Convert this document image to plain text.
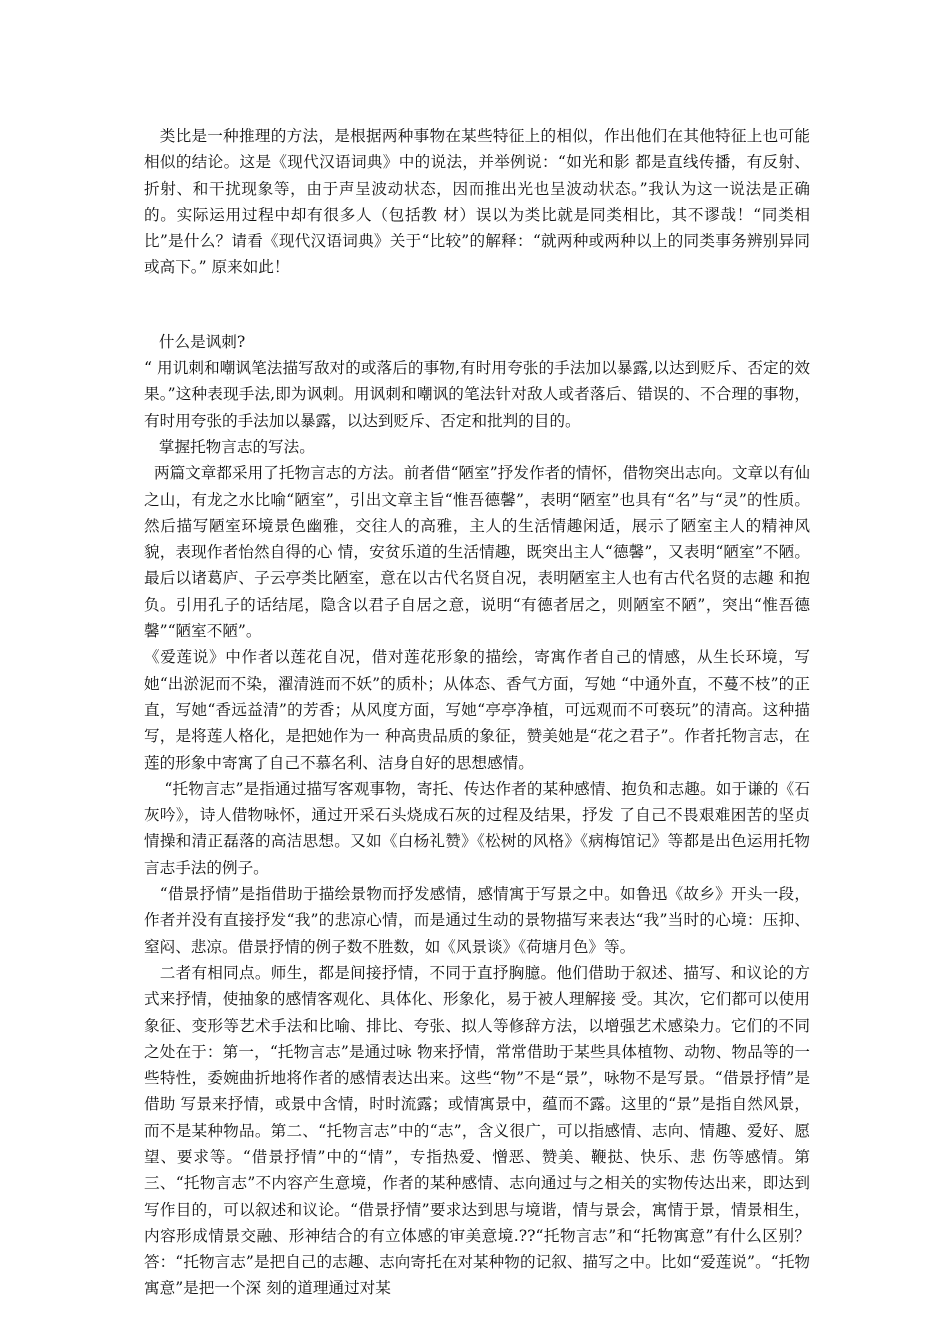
类比是一种推理的方法，是根据两种事物在某些特征上的相似，作出他们在其他特征上也可能相似的结论。这是《现代汉语词典》中的说法，并举例说：“如光和影 都是直线传播，有反射、折射、和干扰现象等，由于声呈波动状态，因而推出光也呈波动状态。”我认为这一说法是正确的。实际运用过程中却有很多人（包括教 材）误以为类比就是同类相比，其不谬哉！“同类相比”是什么？请看《现代汉语词典》关于“比较”的解释：“就两种或两种以上的同类事务辨别异同或高下。” 原来如此！

什么是讽刺?

“ 用讥刺和嘲讽笔法描写敌对的或落后的事物,有时用夸张的手法加以暴露,以达到贬斥、否定的效果。”这种表现手法,即为讽刺。用讽刺和嘲讽的笔法针对敌人或者落后、错误的、不合理的事物，有时用夸张的手法加以暴露，以达到贬斥、否定和批判的目的。

掌握托物言志的写法。

两篇文章都采用了托物言志的方法。前者借“陋室”抒发作者的情怀，借物突出志向。文章以有仙之山，有龙之水比喻“陋室”，引出文章主旨“惟吾德馨”，表明“陋室”也具有“名”与“灵”的性质。然后描写陋室环境景色幽雅，交往人的高雅，主人的生活情趣闲适，展示了陋室主人的精神风貌，表现作者怡然自得的心 情，安贫乐道的生活情趣，既突出主人“德馨”，又表明“陋室”不陋。最后以诸葛庐、子云亭类比陋室，意在以古代名贤自况，表明陋室主人也有古代名贤的志趣 和抱负。引用孔子的话结尾，隐含以君子自居之意，说明“有德者居之，则陋室不陋”，突出“惟吾德馨”“陋室不陋”。

《爱莲说》中作者以莲花自况，借对莲花形象的描绘，寄寓作者自己的情感，从生长环境，写她“出淤泥而不染，濯清涟而不妖”的质朴；从体态、香气方面，写她 “中通外直，不蔓不枝”的正直，写她“香远益清”的芳香；从风度方面，写她“亭亭净植，可远观而不可亵玩”的清高。这种描写，是将莲人格化，是把她作为一 种高贵品质的象征，赞美她是“花之君子”。作者托物言志，在莲的形象中寄寓了自己不慕名利、洁身自好的思想感情。

“托物言志”是指通过描写客观事物，寄托、传达作者的某种感情、抱负和志趣。如于谦的《石灰吟》，诗人借物咏怀，通过开采石头烧成石灰的过程及结果，抒发 了自己不畏艰难困苦的坚贞情操和清正磊落的高洁思想。又如《白杨礼赞》《松树的风格》《病梅馆记》等都是出色运用托物言志手法的例子。

“借景抒情”是指借助于描绘景物而抒发感情，感情寓于写景之中。如鲁迅《故乡》开头一段，作者并没有直接抒发“我”的悲凉心情，而是通过生动的景物描写来表达“我”当时的心境：压抑、窒闷、悲凉。借景抒情的例子数不胜数，如《风景谈》《荷塘月色》等。

二者有相同点。师生，都是间接抒情，不同于直抒胸臆。他们借助于叙述、描写、和议论的方式来抒情，使抽象的感情客观化、具体化、形象化，易于被人理解接 受。其次，它们都可以使用象征、变形等艺术手法和比喻、排比、夸张、拟人等修辞方法，以增强艺术感染力。它们的不同之处在于：第一，“托物言志”是通过咏 物来抒情，常常借助于某些具体植物、动物、物品等的一些特性，委婉曲折地将作者的感情表达出来。这些“物”不是“景”，咏物不是写景。“借景抒情”是借助 写景来抒情，或景中含情，时时流露；或情寓景中，蕴而不露。这里的“景”是指自然风景，而不是某种物品。第二、“托物言志”中的“志”，含义很广，可以指感情、志向、情趣、爱好、愿望、要求等。“借景抒情”中的“情”，专指热爱、憎恶、赞美、鞭挞、快乐、悲 伤等感情。第三、“托物言志”不内容产生意境，作者的某种感情、志向通过与之相关的实物传达出来，即达到写作目的，可以叙述和议论。“借景抒情”要求达到思与境谐，情与景会，寓情于景，情景相生，内容形成情景交融、形神结合的有立体感的审美意境.??“托物言志”和“托物寓意”有什么区别？答：“托物言志”是把自己的志趣、志向寄托在对某种物的记叙、描写之中。比如“爱莲说”。“托物寓意”是把一个深 刻的道理通过对某
